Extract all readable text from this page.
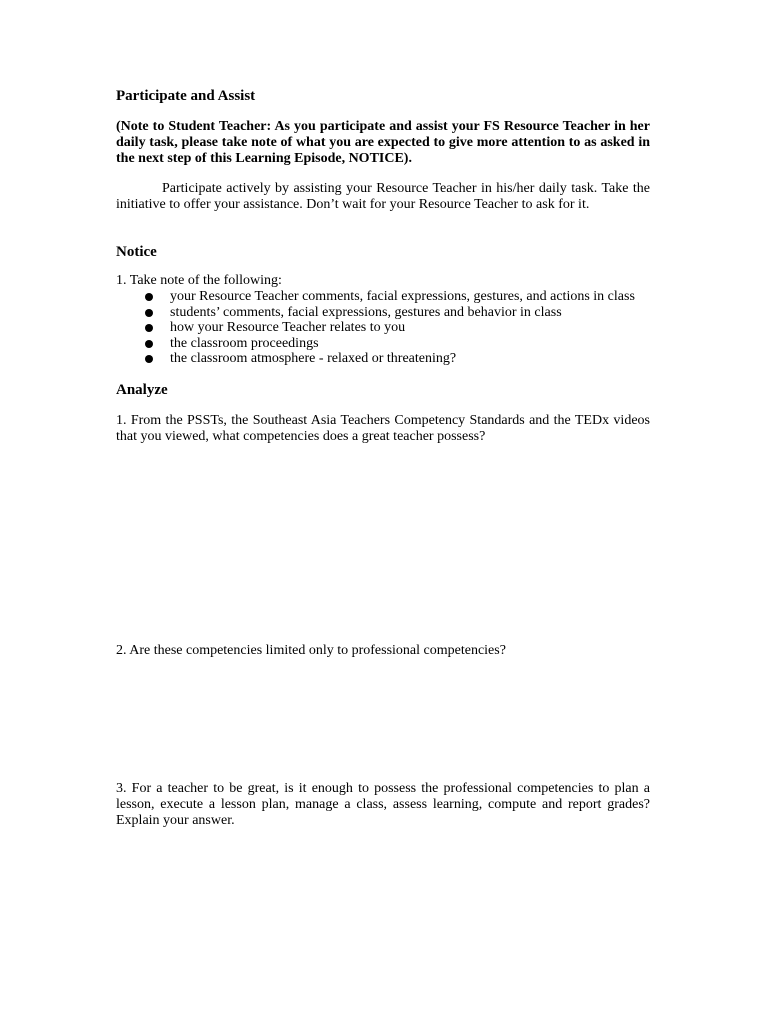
Participate and Assist

(Note to Student Teacher: As you participate and assist your FS Resource Teacher in her daily task, please take note of what you are expected to give more attention to as asked in the next step of this Learning Episode, NOTICE).

Participate actively by assisting your Resource Teacher in his/her daily task. Take the initiative to offer your assistance. Don’t wait for your Resource Teacher to ask for it.

Notice

1. Take note of the following:

your Resource Teacher comments, facial expressions, gestures, and actions in class
students’ comments, facial expressions, gestures and behavior in class
how your Resource Teacher relates to you
the classroom proceedings
the classroom atmosphere - relaxed or threatening?
Analyze

1. From the PSSTs, the Southeast Asia Teachers Competency Standards and the TEDx videos that you viewed, what competencies does a great teacher possess?

2. Are these competencies limited only to professional competencies?

3. For a teacher to be great, is it enough to possess the professional competencies to plan a lesson, execute a lesson plan, manage a class, assess learning, compute and report grades? Explain your answer.
